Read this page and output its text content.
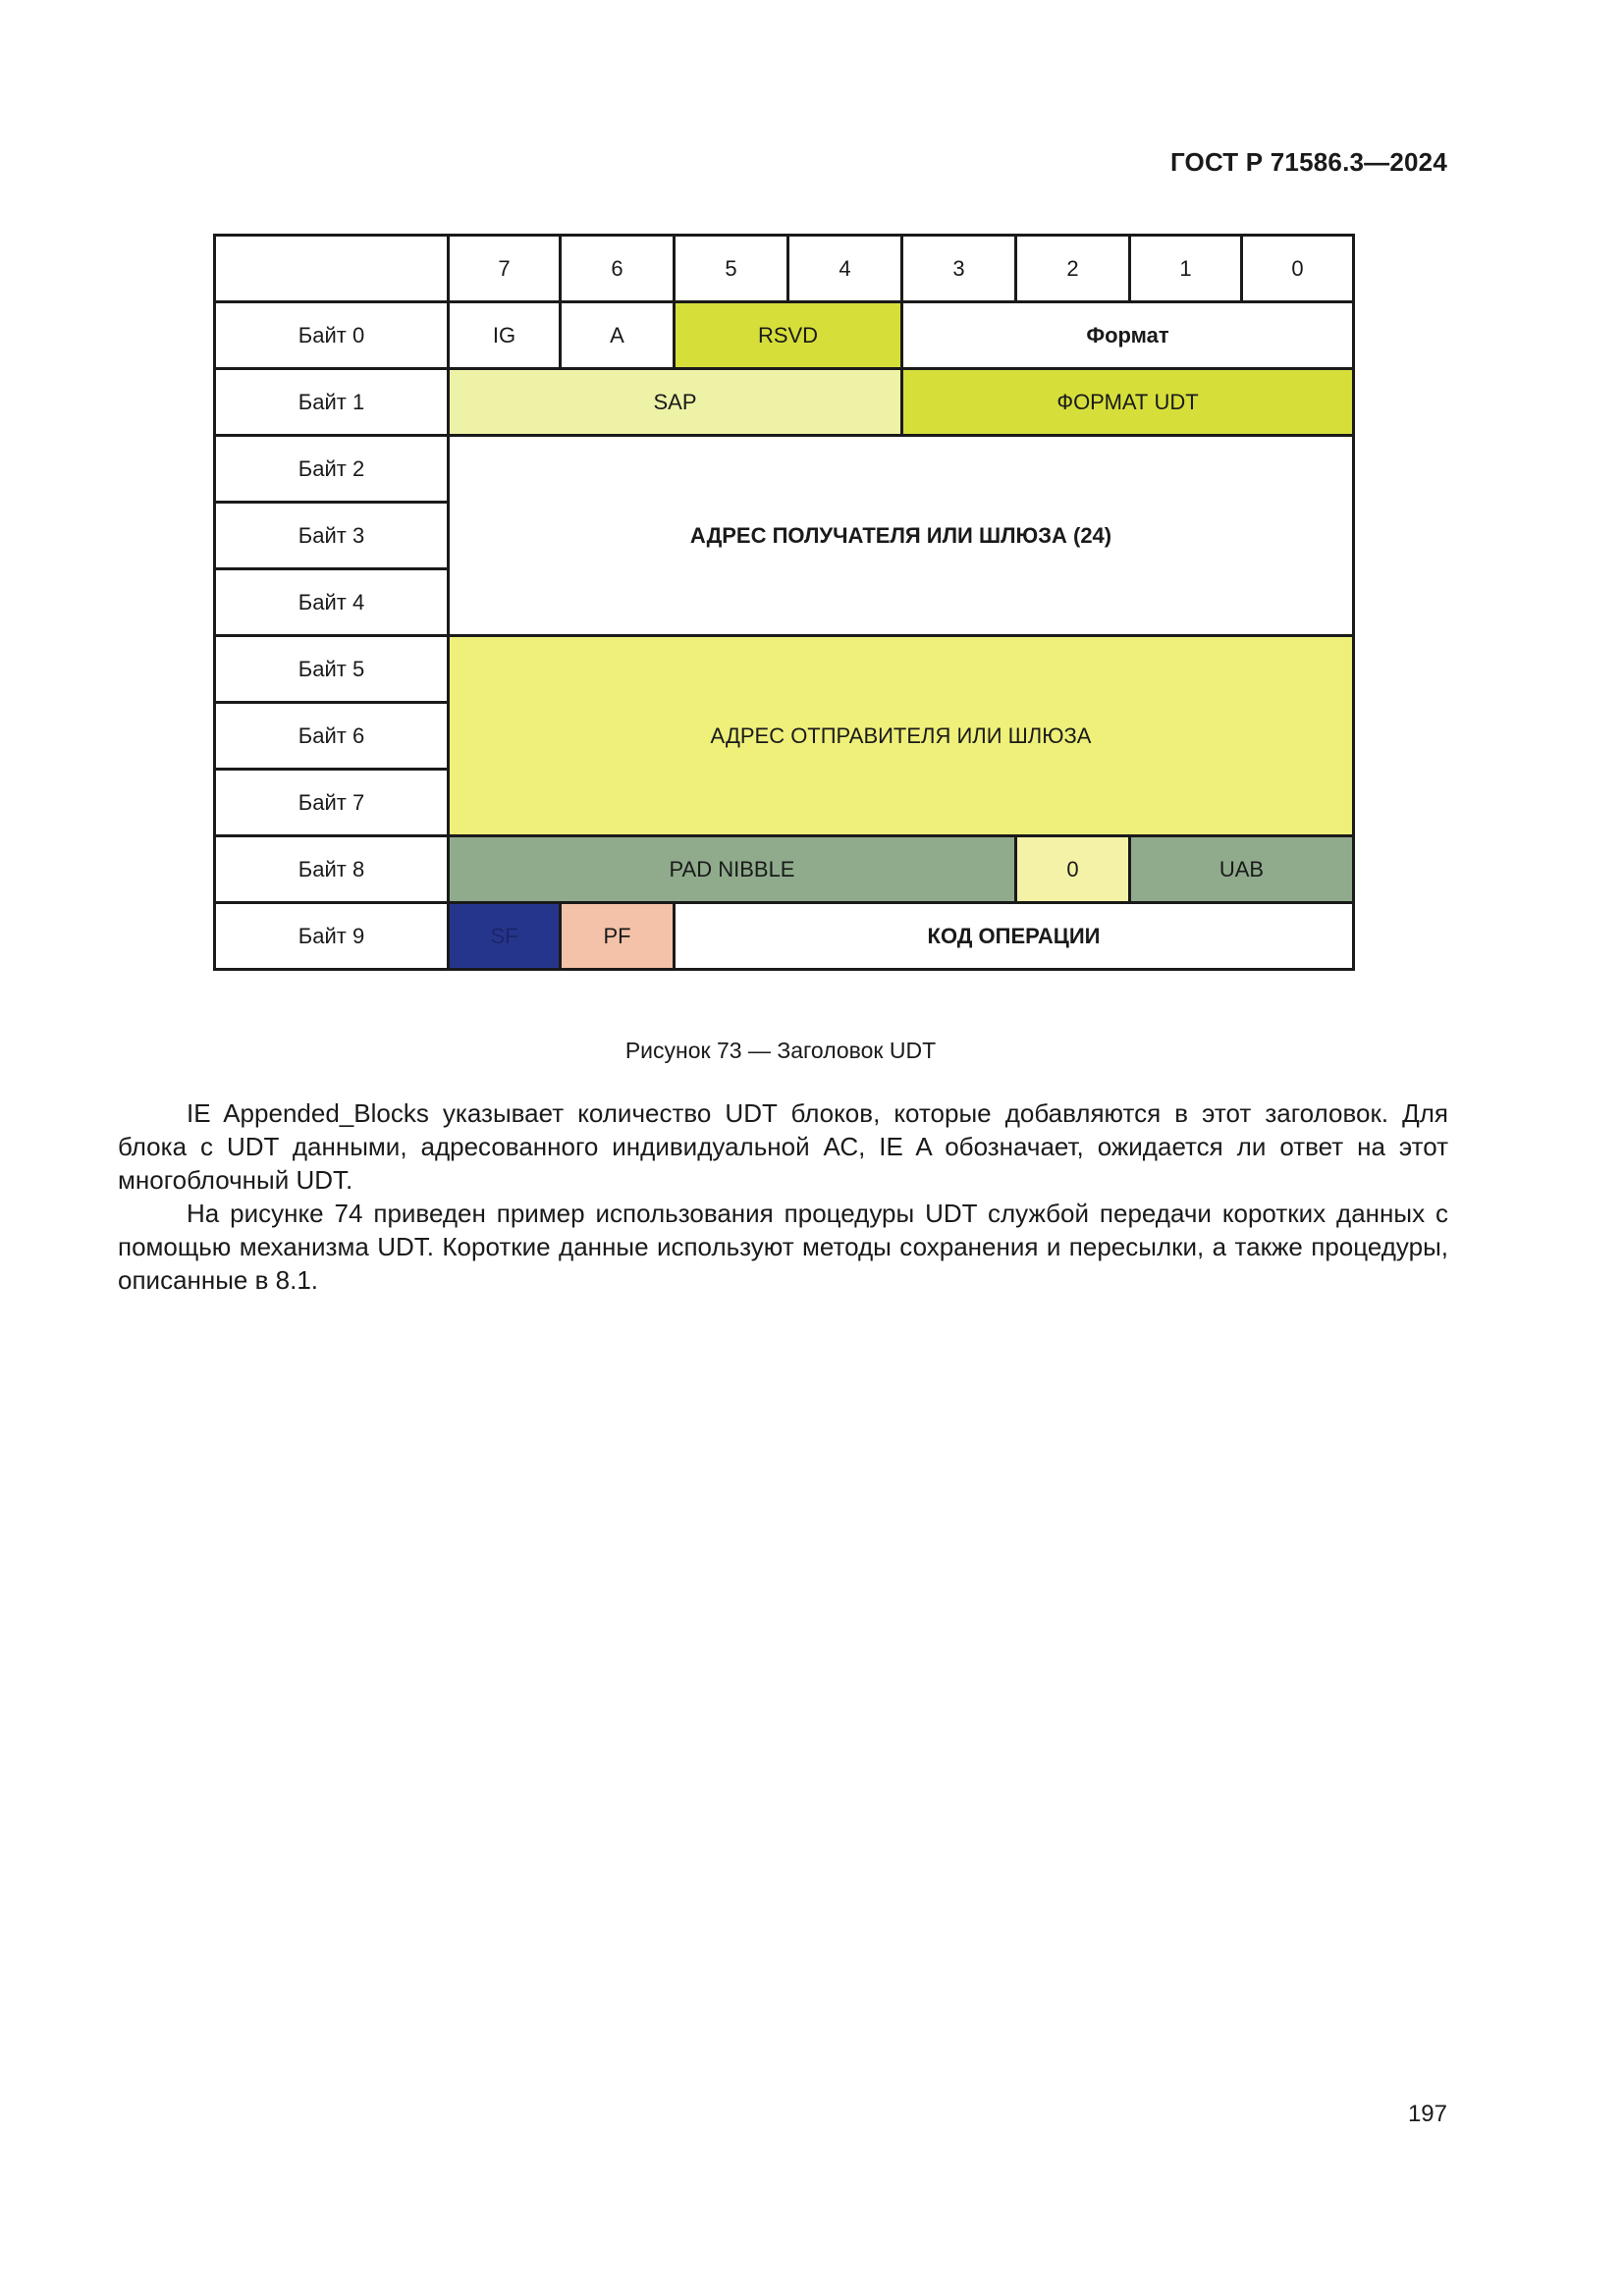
ГОСТ Р 71586.3—2024
	7	6	5	4	3	2	1	0
Байт 0	IG	A	RSVD		Формат			
Байт 1	SAP				ФОРМАТ UDT			
Байт 2	АДРЕС ПОЛУЧАТЕЛЯ ИЛИ ШЛЮЗА (24)							
Байт 3								
Байт 4								
Байт 5	АДРЕС ОТПРАВИТЕЛЯ ИЛИ ШЛЮЗА							
Байт 6								
Байт 7								
Байт 8	PAD NIBBLE					0	UAB	
Байт 9	SF	PF	КОД ОПЕРАЦИИ					
Рисунок 73 — Заголовок UDT

IE Appended_Blocks указывает количество UDT блоков, которые добавляются в этот заголовок. Для блока с UDT данными, адресованного индивидуальной АС, IE A обозначает, ожидается ли ответ на этот многоблочный UDT.

На рисунке 74 приведен пример использования процедуры UDT службой передачи коротких данных с помощью механизма UDT. Короткие данные используют методы сохранения и пересылки, а также процедуры, описанные в 8.1.

197
